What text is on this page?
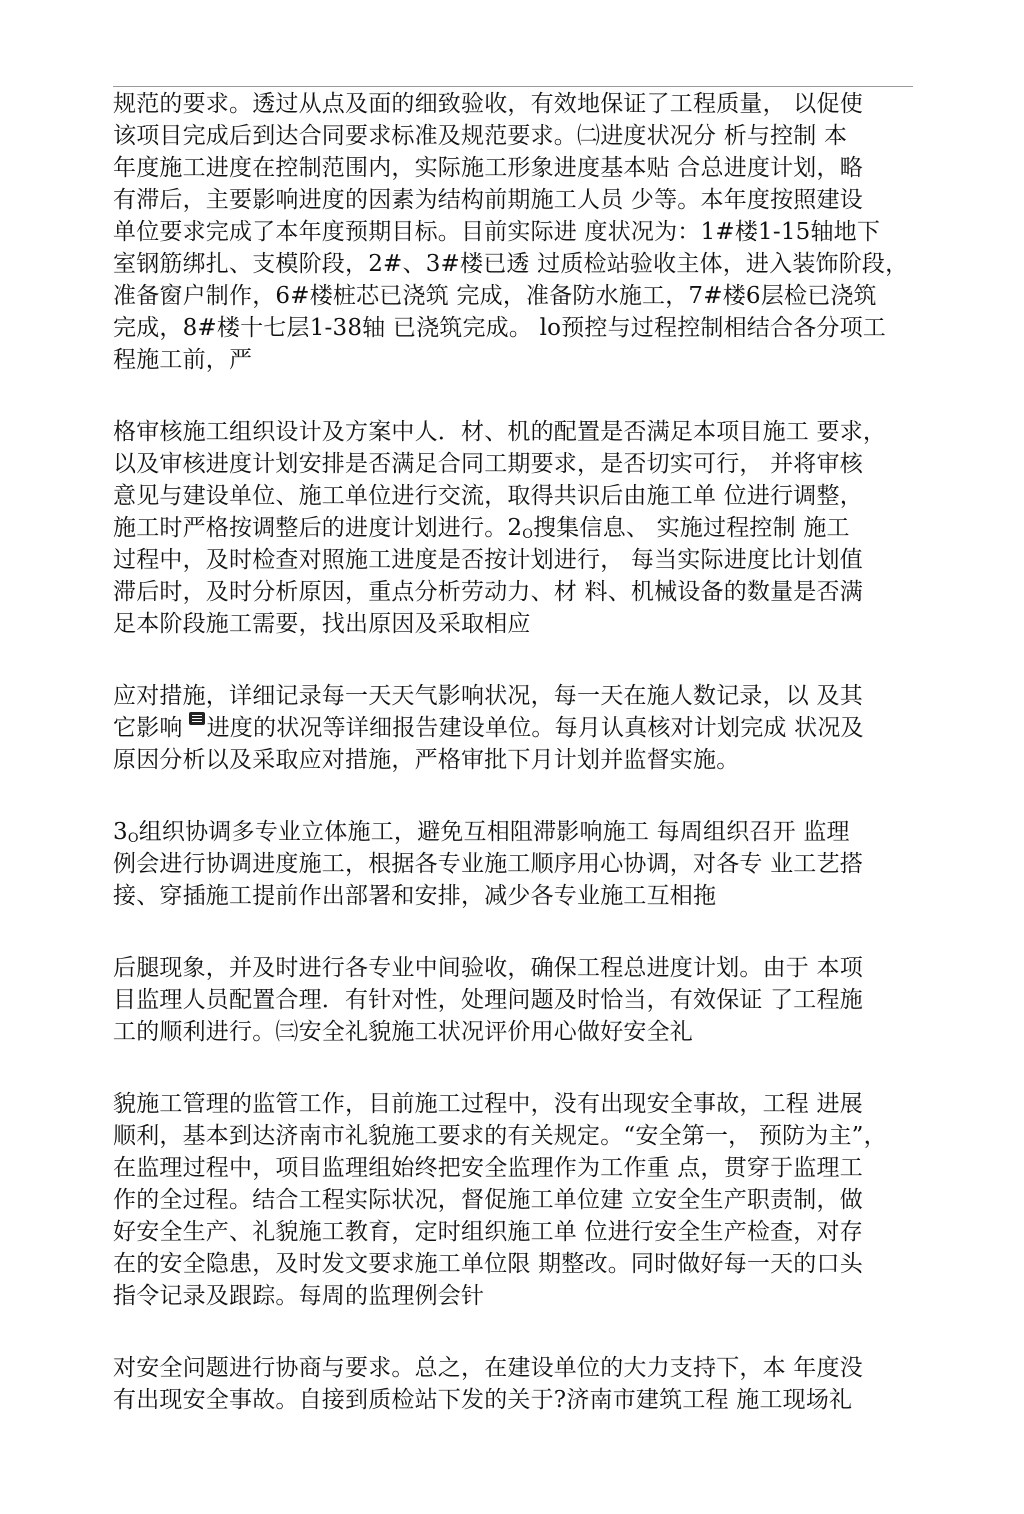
规范的要求。透过从点及面的细致验收，有效地保证了工程质量， 以促使
该项目完成后到达合同要求标准及规范要求。㈡进度状况分 析与控制 本
年度施工进度在控制范围内，实际施工形象进度基本贴 合总进度计划，略
有滞后，主要影响进度的因素为结构前期施工人员 少等。本年度按照建设
单位要求完成了本年度预期目标。目前实际进 度状况为：1#楼1-15轴地下
室钢筋绑扎、支模阶段，2#、3#楼已透 过质检站验收主体，进入装饰阶段，
准备窗户制作，6#楼桩芯已浇筑 完成，准备防水施工，7#楼6层检已浇筑
完成，8#楼十七层1-38轴 已浇筑完成。 lo预控与过程控制相结合各分项工
程施工前，严
格审核施工组织设计及方案中人．材、机的配置是否满足本项目施工 要求，
以及审核进度计划安排是否满足合同工期要求，是否切实可行， 并将审核
意见与建设单位、施工单位进行交流，取得共识后由施工单 位进行调整，
施工时严格按调整后的进度计划进行。$2_O$搜集信息、 实施过程控制 施工
过程中，及时检查对照施工进度是否按计划进行， 每当实际进度比计划值
滞后时，及时分析原因，重点分析劳动力、材 料、机械设备的数量是否满
足本阶段施工需要，找出原因及采取相应
应对措施，详细记录每一天天气影响状况，每一天在施人数记录，以 及其
它影响 进度的状况等详细报告建设单位。每月认真核对计划完成 状况及
原因分析以及采取应对措施，严格审批下月计划并监督实施。
$3_O$组织协调多专业立体施工，避免互相阻滞影响施工 每周组织召开 监理
例会进行协调进度施工，根据各专业施工顺序用心协调，对各专 业工艺搭
接、穿插施工提前作出部署和安排，减少各专业施工互相拖
后腿现象，并及时进行各专业中间验收，确保工程总进度计划。由于 本项
目监理人员配置合理．有针对性，处理问题及时恰当，有效保证 了工程施
工的顺利进行。㈢安全礼貌施工状况评价用心做好安全礼
貌施工管理的监管工作，目前施工过程中，没有出现安全事故，工程 进展
顺利，基本到达济南市礼貌施工要求的有关规定。“安全第一， 预防为主”，
在监理过程中，项目监理组始终把安全监理作为工作重 点，贯穿于监理工
作的全过程。结合工程实际状况，督促施工单位建 立安全生产职责制，做
好安全生产、礼貌施工教育，定时组织施工单 位进行安全生产检查，对存
在的安全隐患，及时发文要求施工单位限 期整改。同时做好每一天的口头
指令记录及跟踪。每周的监理例会针
对安全问题进行协商与要求。总之，在建设单位的大力支持下，本 年度没
有出现安全事故。自接到质检站下发的关于?济南市建筑工程 施工现场礼
